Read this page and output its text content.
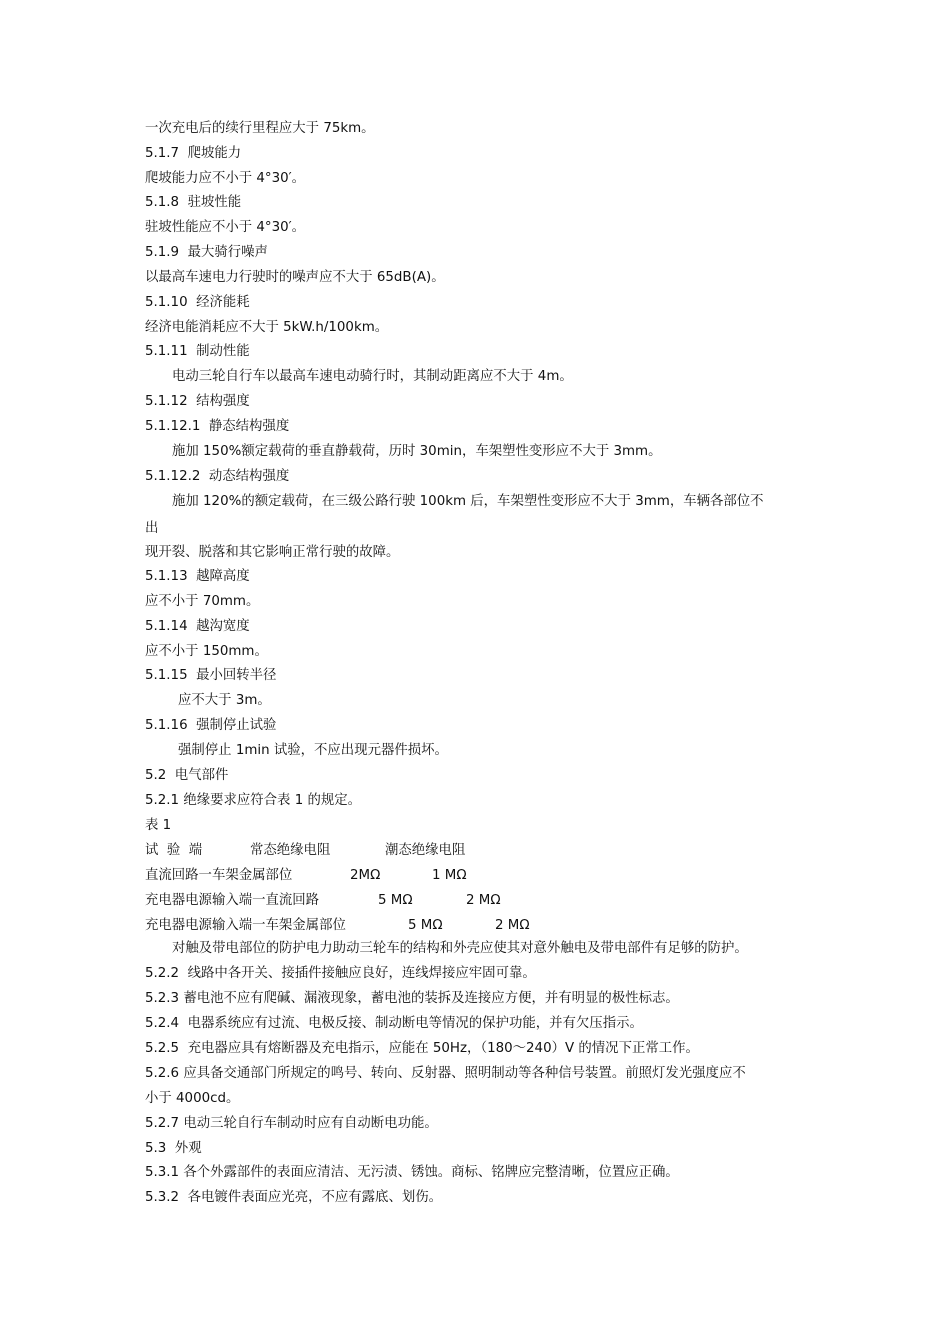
一次充电后的续行里程应大于 75km。
5.1.7  爬坡能力
爬坡能力应不小于 4°30′。
5.1.8  驻坡性能
驻坡性能应不小于 4°30′。
5.1.9  最大骑行噪声
以最高车速电力行驶时的噪声应不大于 65dB(A)。
5.1.10  经济能耗
经济电能消耗应不大于 5kW.h/100km。
5.1.11  制动性能
电动三轮自行车以最高车速电动骑行时，其制动距离应不大于 4m。
5.1.12  结构强度
5.1.12.1  静态结构强度
施加 150%额定载荷的垂直静载荷，历时 30min，车架塑性变形应不大于 3mm。
5.1.12.2  动态结构强度
施加 120%的额定载荷，在三级公路行驶 100km 后，车架塑性变形应不大于 3mm，车辆各部位不
出
现开裂、脱落和其它影响正常行驶的故障。
5.1.13  越障高度
应不小于 70mm。
5.1.14  越沟宽度
应不小于 150mm。
5.1.15  最小回转半径
应不大于 3m。
5.1.16  强制停止试验
强制停止 1min 试验，不应出现元器件损坏。
5.2  电气部件
5.2.1 绝缘要求应符合表 1 的规定。
表 1
试  验  端	常态绝缘电阻	潮态绝缘电阻
直流回路一车架金属部位	2MΩ	1 MΩ
充电器电源输入端一直流回路	5 MΩ	2 MΩ
充电器电源输入端一车架金属部位	5 MΩ	2 MΩ
对触及带电部位的防护电力助动三轮车的结构和外壳应使其对意外触电及带电部件有足够的防护。
5.2.2  线路中各开关、接插件接触应良好，连线焊接应牢固可靠。
5.2.3 蓄电池不应有爬碱、漏液现象，蓄电池的装拆及连接应方便，并有明显的极性标志。
5.2.4  电器系统应有过流、电极反接、制动断电等情况的保护功能，并有欠压指示。
5.2.5  充电器应具有熔断器及充电指示，应能在 50Hz，（180～240）V 的情况下正常工作。
5.2.6 应具备交通部门所规定的鸣号、转向、反射器、照明制动等各种信号装置。前照灯发光强度应不
小于 4000cd。
5.2.7 电动三轮自行车制动时应有自动断电功能。
5.3  外观
5.3.1 各个外露部件的表面应清洁、无污渍、锈蚀。商标、铭牌应完整清晰，位置应正确。
5.3.2  各电镀件表面应光亮，不应有露底、划伤。
